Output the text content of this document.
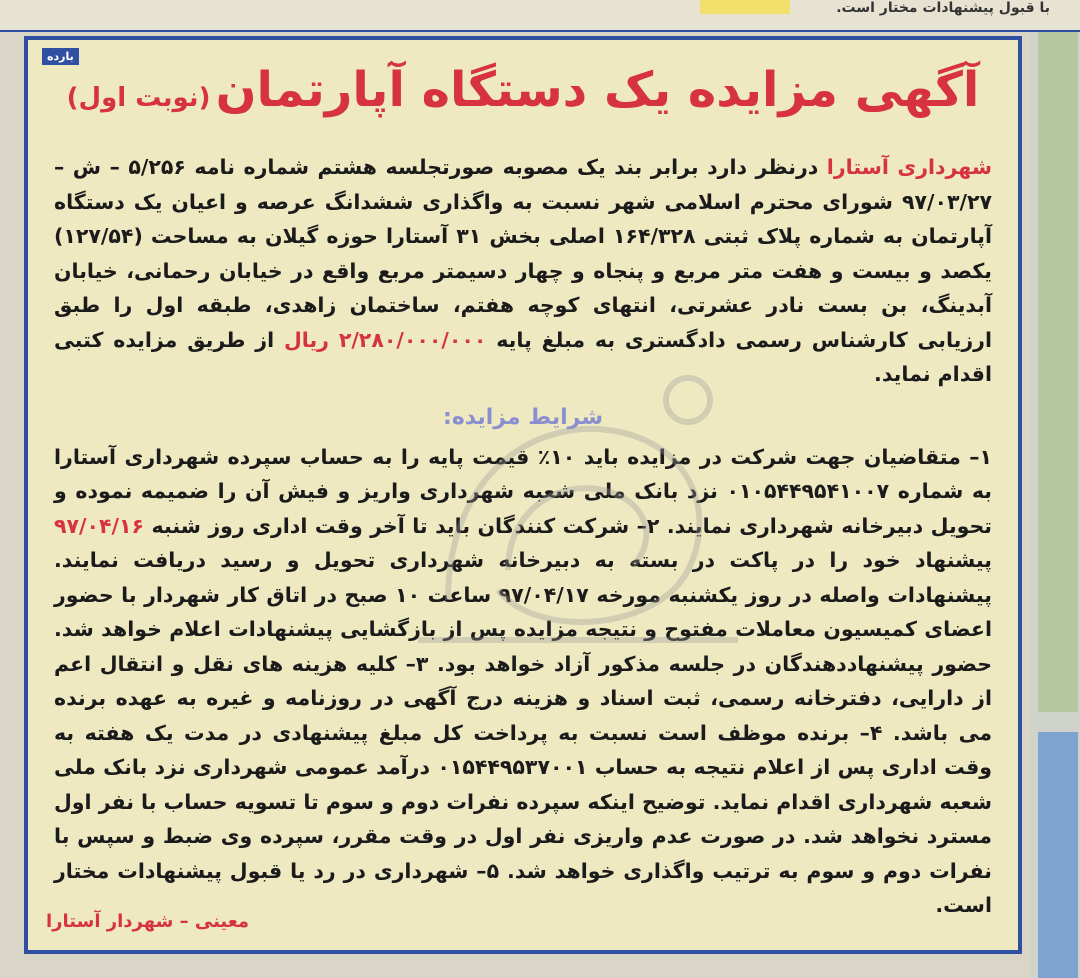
با قبول پیشنهادات مختار است.
بارده
آگهی مزایده یک دستگاه آپارتمان (نوبت اول)

شهرداری آستارا درنظر دارد برابر بند یک مصوبه صورتجلسه هشتم شماره نامه ۵/۲۵۶ – ش – ۹۷/۰۳/۲۷ شورای محترم اسلامی شهر نسبت به واگذاری ششدانگ عرصه و اعیان یک دستگاه آپارتمان به شماره پلاک ثبتی ۱۶۴/۳۲۸ اصلی بخش ۳۱ آستارا حوزه گیلان به مساحت (۱۲۷/۵۴) یکصد و بیست و هفت متر مربع و پنجاه و چهار دسیمتر مربع واقع در خیابان رحمانی، خیابان آبدینگ، بن بست نادر عشرتی، انتهای کوچه هفتم، ساختمان زاهدی، طبقه اول را طبق ارزیابی کارشناس رسمی دادگستری به مبلغ پایه ۲/۲۸۰/۰۰۰/۰۰۰ ریال از طریق مزایده کتبی اقدام نماید.

شرایط مزایده:

۱– متقاضیان جهت شرکت در مزایده باید ۱۰٪ قیمت پایه را به حساب سپرده شهرداری آستارا به شماره ۰۱۰۵۴۴۹۵۴۱۰۰۷ نزد بانک ملی شعبه شهرداری واریز و فیش آن را ضمیمه نموده و تحویل دبیرخانه شهرداری نمایند. ۲– شرکت کنندگان باید تا آخر وقت اداری روز شنبه ۹۷/۰۴/۱۶ پیشنهاد خود را در پاکت در بسته به دبیرخانه شهرداری تحویل و رسید دریافت نمایند. پیشنهادات واصله در روز یکشنبه مورخه ۹۷/۰۴/۱۷ ساعت ۱۰ صبح در اتاق کار شهردار با حضور اعضای کمیسیون معاملات مفتوح و نتیجه مزایده پس از بازگشایی پیشنهادات اعلام خواهد شد. حضور پیشنهاددهندگان در جلسه مذکور آزاد خواهد بود. ۳– کلیه هزینه های نقل و انتقال اعم از دارایی، دفترخانه رسمی، ثبت اسناد و هزینه درج آگهی در روزنامه و غیره به عهده برنده می باشد. ۴– برنده موظف است نسبت به پرداخت کل مبلغ پیشنهادی در مدت یک هفته به وقت اداری پس از اعلام نتیجه به حساب ۰۱۵۴۴۹۵۳۷۰۰۱ درآمد عمومی شهرداری نزد بانک ملی شعبه شهرداری اقدام نماید. توضیح اینکه سپرده نفرات دوم و سوم تا تسویه حساب با نفر اول مسترد نخواهد شد. در صورت عدم واریزی نفر اول در وقت مقرر، سپرده وی ضبط و سپس با نفرات دوم و سوم به ترتیب واگذاری خواهد شد. ۵– شهرداری در رد یا قبول پیشنهادات مختار است.

معینی – شهردار آستارا
